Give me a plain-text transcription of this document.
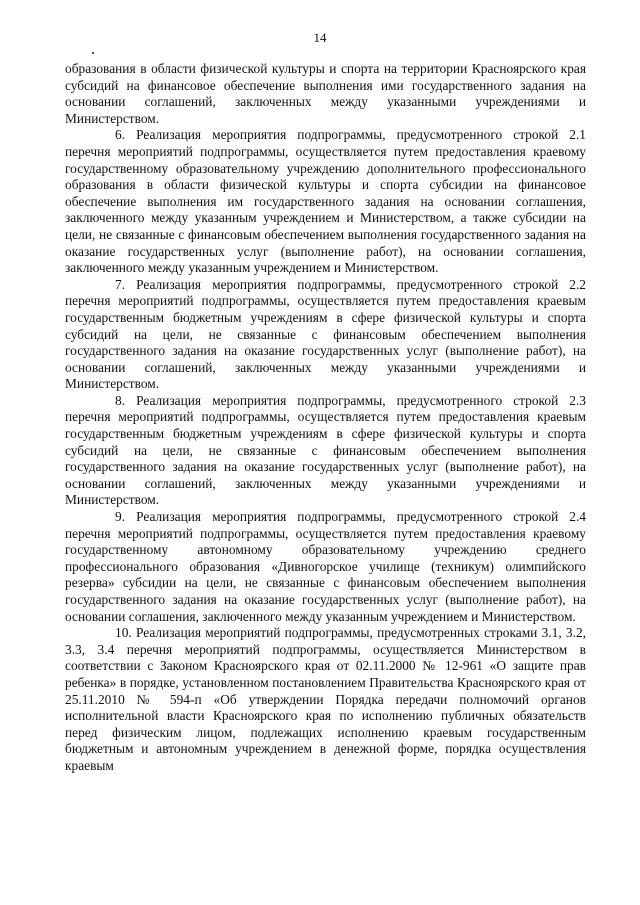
14

образования в области физической культуры и спорта на территории Красноярского края субсидий на финансовое обеспечение выполнения ими государственного задания на основании соглашений, заключенных между указанными учреждениями и Министерством.

6. Реализация мероприятия подпрограммы, предусмотренного строкой 2.1 перечня мероприятий подпрограммы, осуществляется путем предоставления краевому государственному образовательному учреждению дополнительного профессионального образования в области физической культуры и спорта субсидии на финансовое обеспечение выполнения им государственного задания на основании соглашения, заключенного между указанным учреждением и Министерством, а также субсидии на цели, не связанные с финансовым обеспечением выполнения государственного задания на оказание государственных услуг (выполнение работ), на основании соглашения, заключенного между указанным учреждением и Министерством.

7. Реализация мероприятия подпрограммы, предусмотренного строкой 2.2 перечня мероприятий подпрограммы, осуществляется путем предоставления краевым государственным бюджетным учреждениям в сфере физической культуры и спорта субсидий на цели, не связанные с финансовым обеспечением выполнения государственного задания на оказание государственных услуг (выполнение работ), на основании соглашений, заключенных между указанными учреждениями и Министерством.

8. Реализация мероприятия подпрограммы, предусмотренного строкой 2.3 перечня мероприятий подпрограммы, осуществляется путем предоставления краевым государственным бюджетным учреждениям в сфере физической культуры и спорта субсидий на цели, не связанные с финансовым обеспечением выполнения государственного задания на оказание государственных услуг (выполнение работ), на основании соглашений, заключенных между указанными учреждениями и Министерством.

9. Реализация мероприятия подпрограммы, предусмотренного строкой 2.4 перечня мероприятий подпрограммы, осуществляется путем предоставления краевому государственному автономному образовательному учреждению среднего профессионального образования «Дивногорское училище (техникум) олимпийского резерва» субсидии на цели, не связанные с финансовым обеспечением выполнения государственного задания на оказание государственных услуг (выполнение работ), на основании соглашения, заключенного между указанным учреждением и Министерством.

10. Реализация мероприятий подпрограммы, предусмотренных строками 3.1, 3.2, 3.3, 3.4 перечня мероприятий подпрограммы, осуществляется Министерством в соответствии с Законом Красноярского края от 02.11.2000 № 12-961 «О защите прав ребенка» в порядке, установленном постановлением Правительства Красноярского края от 25.11.2010 № 594-п «Об утверждении Порядка передачи полномочий органов исполнительной власти Красноярского края по исполнению публичных обязательств перед физическим лицом, подлежащих исполнению краевым государственным бюджетным и автономным учреждением в денежной форме, порядка осуществления краевым
